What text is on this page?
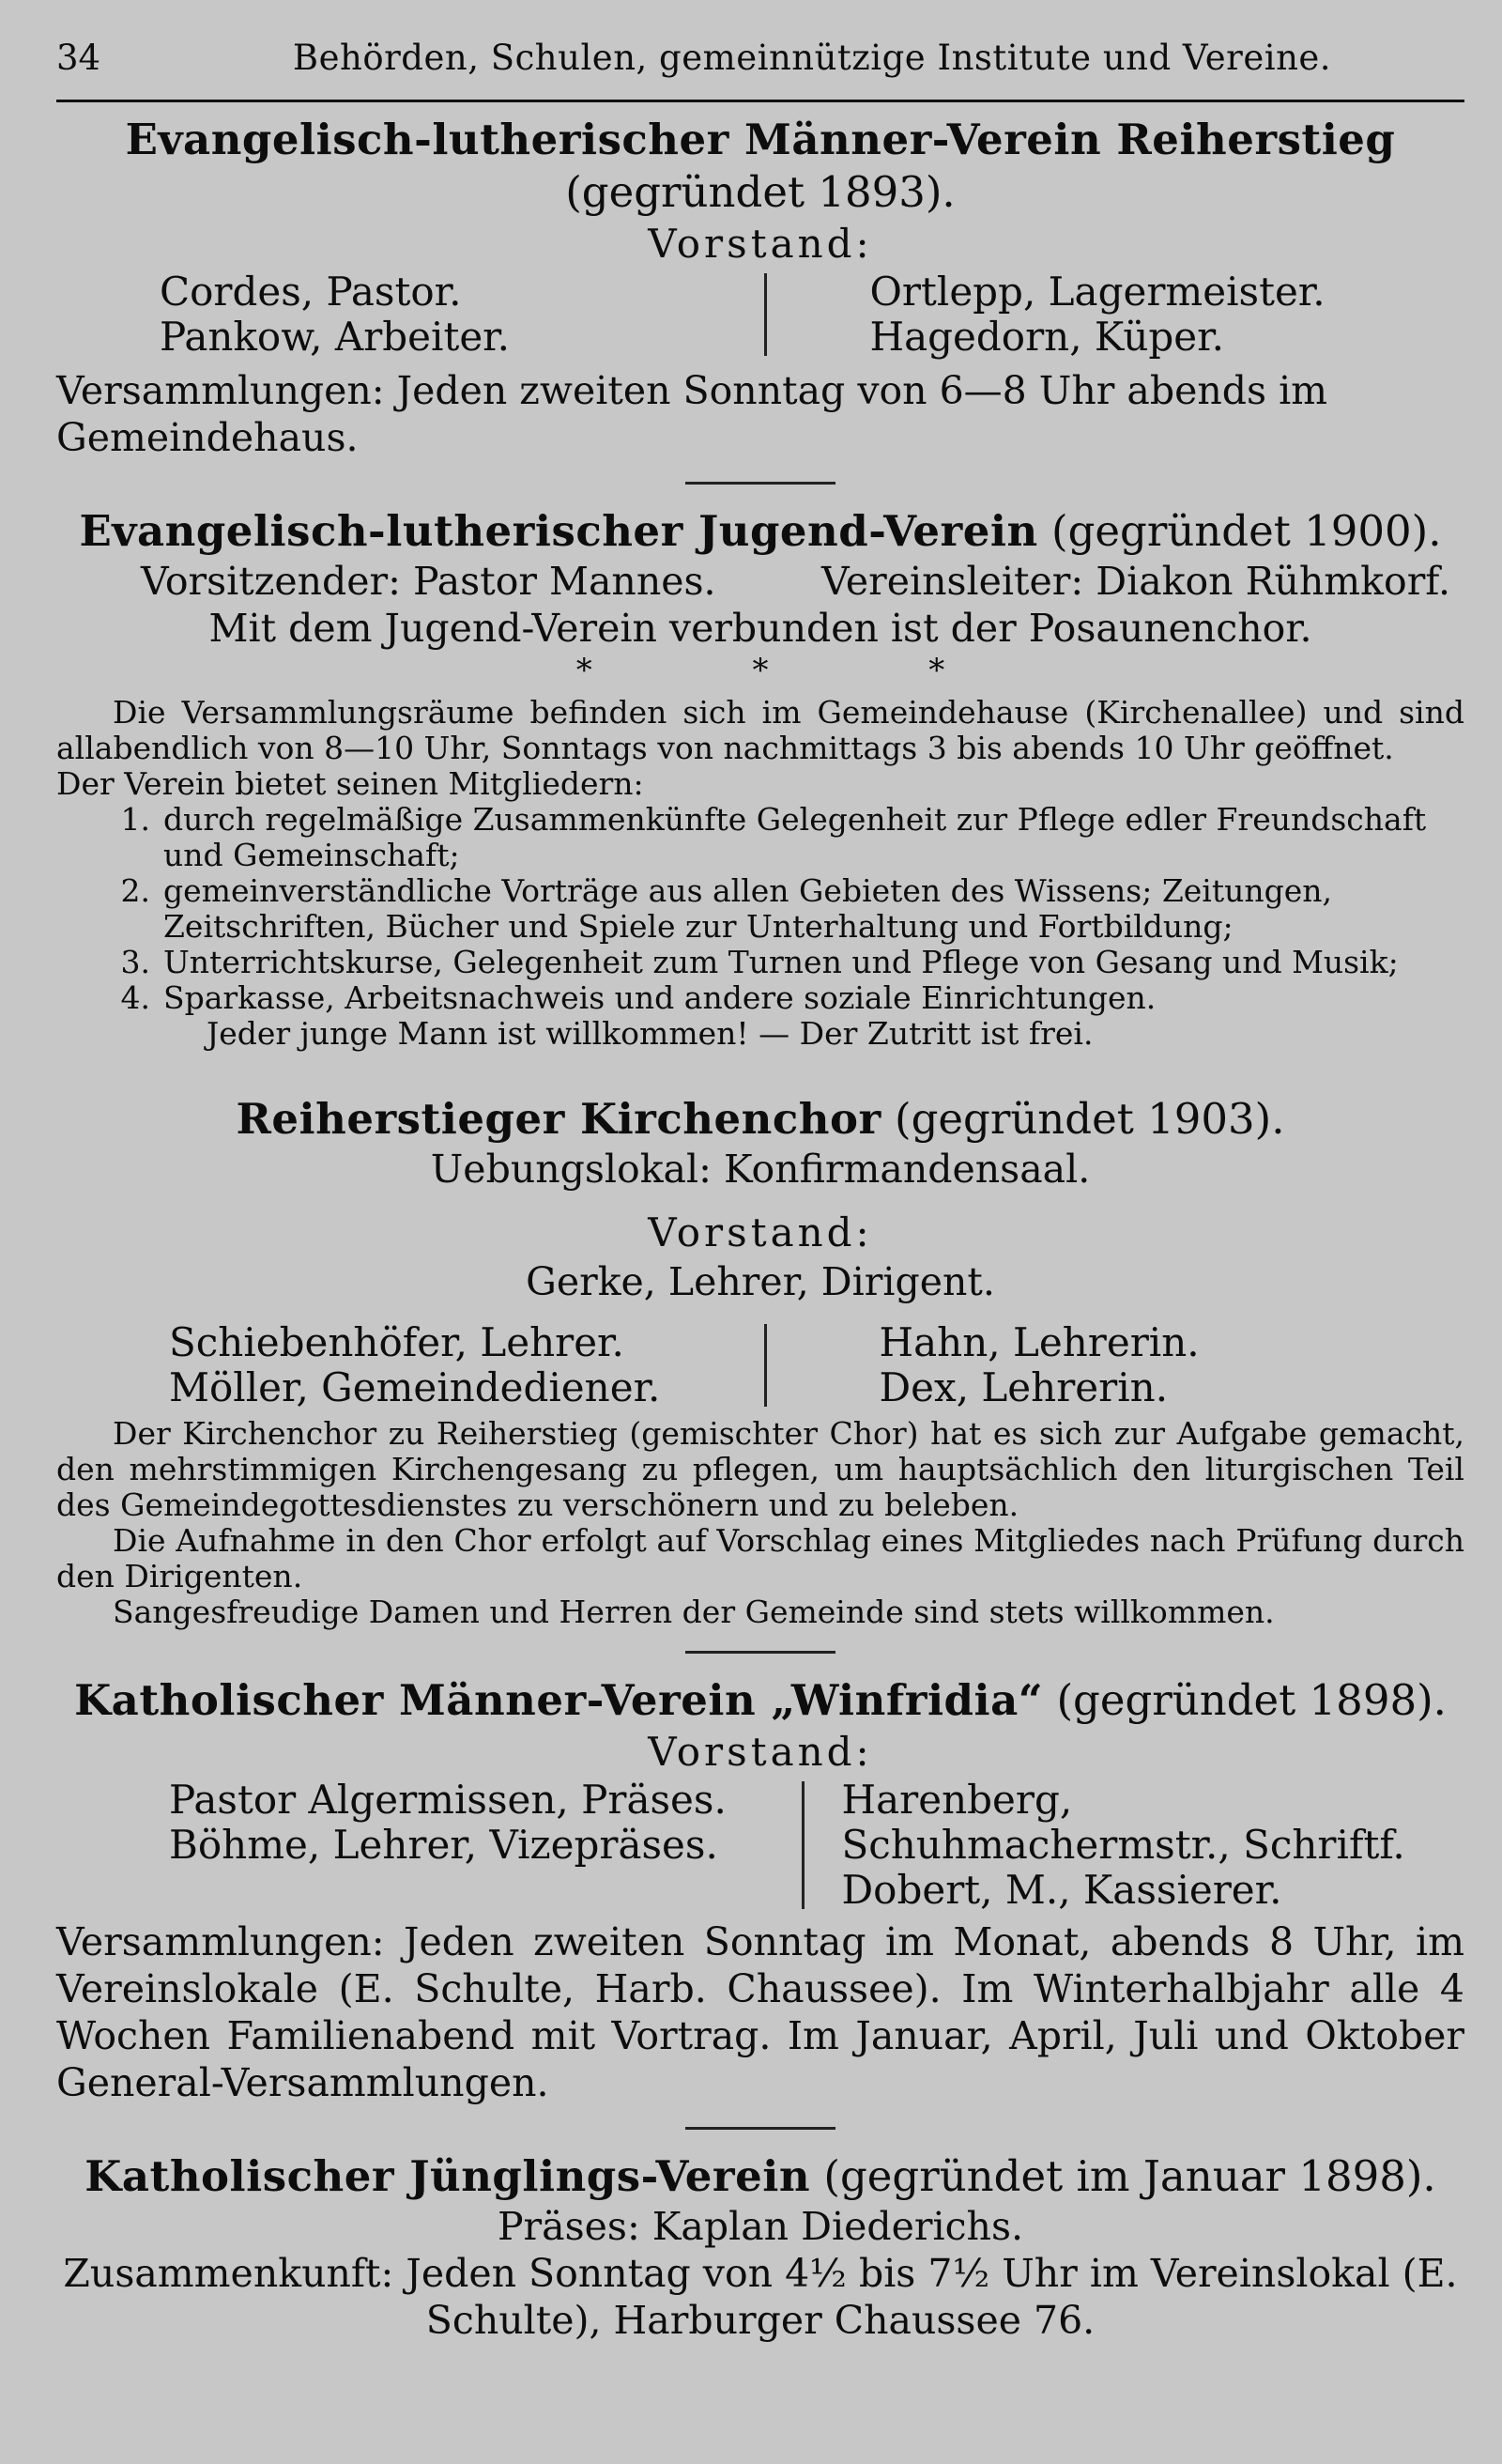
34	Behörden, Schulen, gemeinnützige Institute und Vereine.
Evangelisch-lutherischer Männer-Verein Reiherstieg (gegründet 1893).
Vorstand:
Cordes, Pastor.
Pankow, Arbeiter.
Ortlepp, Lagermeister.
Hagedorn, Küper.
Versammlungen: Jeden zweiten Sonntag von 6—8 Uhr abends im Gemeindehaus.
Evangelisch-lutherischer Jugend-Verein (gegründet 1900).
Vorsitzender: Pastor Mannes.	Vereinsleiter: Diakon Rühmkorf.
Mit dem Jugend-Verein verbunden ist der Posaunenchor.
* * *
Die Versammlungsräume befinden sich im Gemeindehause (Kirchenallee) und sind allabendlich von 8—10 Uhr, Sonntags von nachmittags 3 bis abends 10 Uhr geöffnet.
Der Verein bietet seinen Mitgliedern:
1. durch regelmäßige Zusammenkünfte Gelegenheit zur Pflege edler Freundschaft und Gemeinschaft;
2. gemeinverständliche Vorträge aus allen Gebieten des Wissens; Zeitungen, Zeitschriften, Bücher und Spiele zur Unterhaltung und Fortbildung;
3. Unterrichtskurse, Gelegenheit zum Turnen und Pflege von Gesang und Musik;
4. Sparkasse, Arbeitsnachweis und andere soziale Einrichtungen.
Jeder junge Mann ist willkommen! — Der Zutritt ist frei.
Reiherstieger Kirchenchor (gegründet 1903).
Uebungslokal: Konfirmandensaal.
Vorstand:
Gerke, Lehrer, Dirigent.
Schiebenhöfer, Lehrer.
Möller, Gemeindediener.
Hahn, Lehrerin.
Dex, Lehrerin.
Der Kirchenchor zu Reiherstieg (gemischter Chor) hat es sich zur Aufgabe gemacht, den mehrstimmigen Kirchengesang zu pflegen, um hauptsächlich den liturgischen Teil des Gemeindegottesdienstes zu verschönern und zu beleben.
Die Aufnahme in den Chor erfolgt auf Vorschlag eines Mitgliedes nach Prüfung durch den Dirigenten.
Sangesfreudige Damen und Herren der Gemeinde sind stets willkommen.
Katholischer Männer-Verein „Winfridia“ (gegründet 1898).
Vorstand:
Pastor Algermissen, Präses.
Böhme, Lehrer, Vizepräses.
Harenberg, Schuhmachermstr., Schriftf.
Dobert, M., Kassierer.
Versammlungen: Jeden zweiten Sonntag im Monat, abends 8 Uhr, im Vereinslokale (E. Schulte, Harb. Chaussee). Im Winterhalbjahr alle 4 Wochen Familienabend mit Vortrag. Im Januar, April, Juli und Oktober General-Versammlungen.
Katholischer Jünglings-Verein (gegründet im Januar 1898).
Präses: Kaplan Diederichs.
Zusammenkunft: Jeden Sonntag von 4½ bis 7½ Uhr im Vereinslokal (E. Schulte), Harburger Chaussee 76.
